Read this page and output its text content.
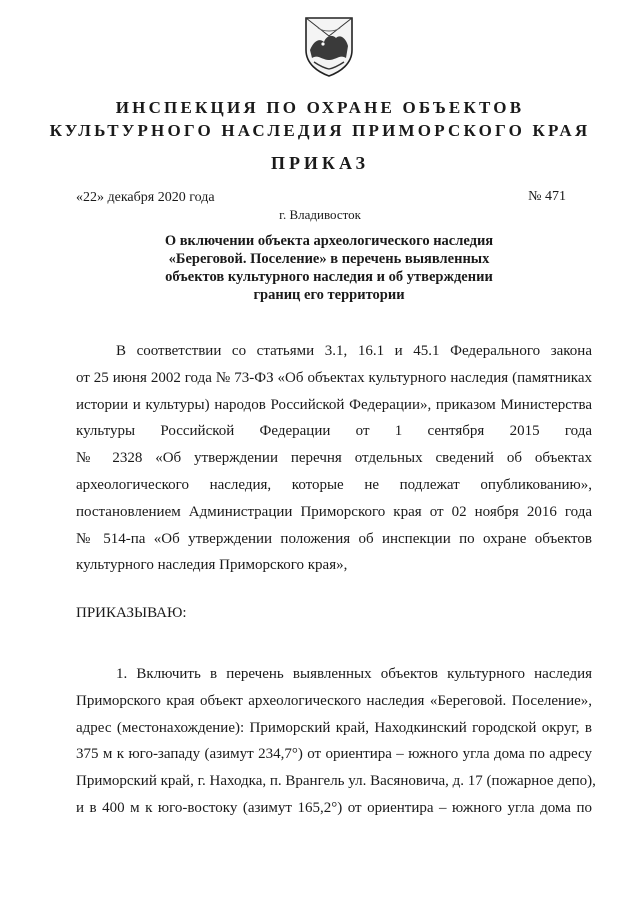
ИНСПЕКЦИЯ ПО ОХРАНЕ ОБЪЕКТОВ
КУЛЬТУРНОГО НАСЛЕДИЯ ПРИМОРСКОГО КРАЯ
ПРИКАЗ
«22» декабря 2020 года	№ 471
г. Владивосток
О включении объекта археологического наследия
«Береговой. Поселение» в перечень выявленных
объектов культурного наследия и об утверждении
границ его территории
В соответствии со статьями 3.1, 16.1 и 45.1 Федерального закона
от 25 июня 2002 года № 73-ФЗ «Об объектах культурного наследия (памятниках
истории и культуры) народов Российской Федерации», приказом Министерства
культуры Российской Федерации от 1 сентября 2015 года
№ 2328 «Об утверждении перечня отдельных сведений об объектах
археологического наследия, которые не подлежат опубликованию»,
постановлением Администрации Приморского края от 02 ноября 2016 года
№ 514-па «Об утверждении положения об инспекции по охране объектов
культурного наследия Приморского края»,
ПРИКАЗЫВАЮ:
1. Включить в перечень выявленных объектов культурного наследия
Приморского края объект археологического наследия «Береговой. Поселение»,
адрес (местонахождение): Приморский край, Находкинский городской округ, в
375 м к юго-западу (азимут 234,7°) от ориентира – южного угла дома по адресу
Приморский край, г. Находка, п. Врангель ул. Васяновича, д. 17 (пожарное депо),
и в 400 м к юго-востоку (азимут 165,2°) от ориентира – южного угла дома по
